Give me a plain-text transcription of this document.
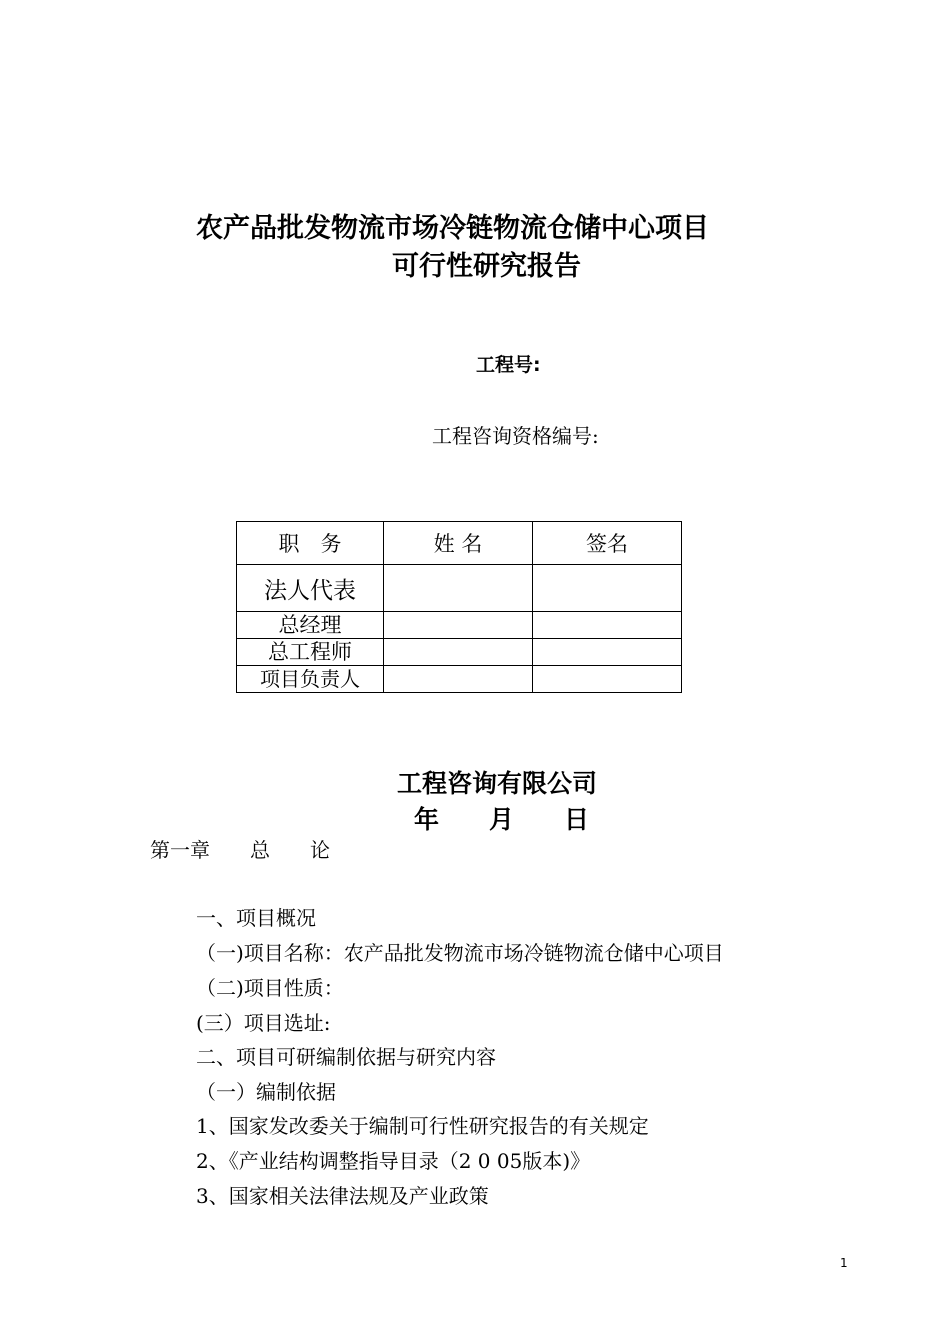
农产品批发物流市场冷链物流仓储中心项目
可行性研究报告
工程号:
工程咨询资格编号:
职　务	姓 名	签名
法人代表		
总经理		
总工程师		
项目负责人		
工程咨询有限公司
年　　月　　日
第一章　　总　　论
一、项目概况
（一)项目名称：农产品批发物流市场冷链物流仓储中心项目
（二)项目性质：
(三）项目选址:
二、项目可研编制依据与研究内容
（一）编制依据
1、国家发改委关于编制可行性研究报告的有关规定
2、《产业结构调整指导目录（2 0 05版本)》
3、国家相关法律法规及产业政策
1
